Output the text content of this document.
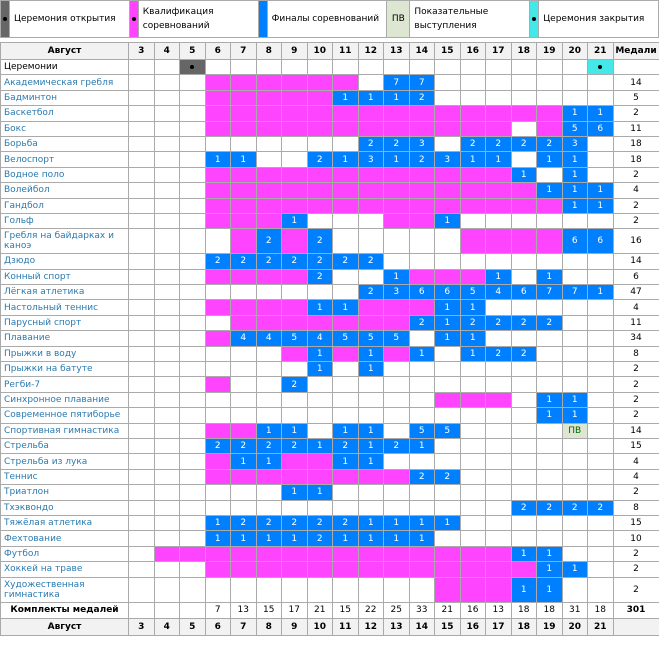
	Церемония открытия	
	Квалификация соревнований		Финалы соревнований	ПВ	Показательные выступления	
	Церемония закрытия
Август	3	4	5	6	7	8	9	10	11	12	13	14	15	16	17	18	19	20	21	Медали
Церемонии																				
Академическая гребля											7	7								14
Бадминтон									1	1	1	2								5
Баскетбол																		1	1	2
Бокс																		5	6	11
Борьба										2	2	3		2	2	2	2	3		18
Велоспорт				1	1			2	1	3	1	2	3	1	1		1	1		18
Водное поло																1		1		2
Волейбол																	1	1	1	4
Гандбол																		1	1	2
Гольф							1						1							2
Гребля на байдарках и каноэ						2		2										6	6	16
Дзюдо				2	2	2	2	2	2	2										14
Конный спорт								2			1				1		1			6
Лёгкая атлетика										2	3	6	6	5	4	6	7	7	1	47
Настольный теннис								1	1				1	1						4
Парусный спорт												2	1	2	2	2	2			11
Плавание					4	4	5	4	5	5	5		1	1						34
Прыжки в воду								1		1		1		1	2	2				8
Прыжки на батуте								1		1										2
Регби-7							2													2
Синхронное плавание																	1	1		2
Современное пятиборье																	1	1		2
Спортивная гимнастика						1	1		1	1		5	5					ПВ		14
Стрельба				2	2	2	2	1	2	1	2	1								15
Стрельба из лука					1	1			1	1										4
Теннис												2	2							4
Триатлон							1	1												2
Тхэквондо																2	2	2	2	8
Тяжёлая атлетика				1	2	2	2	2	2	1	1	1	1							15
Фехтование				1	1	1	1	2	1	1	1	1								10
Футбол																1	1			2
Хоккей на траве																	1	1		2
Художественная гимнастика																1	1			2
Комплекты медалей				7	13	15	17	21	15	22	25	33	21	16	13	18	18	31	18	301
Август	3	4	5	6	7	8	9	10	11	12	13	14	15	16	17	18	19	20	21	
